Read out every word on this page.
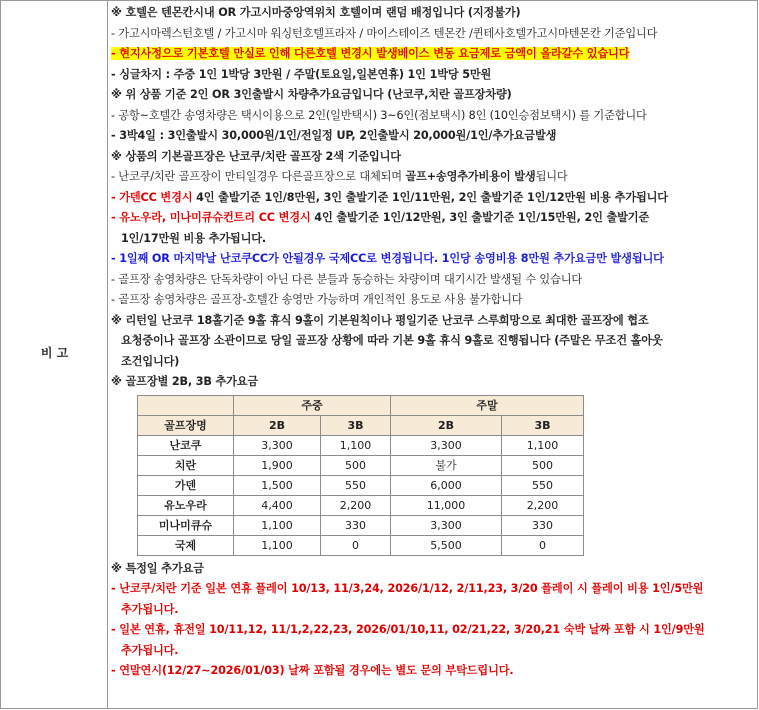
비 고
※ 호텔은 텐몬칸시내 OR 가고시마중앙역위치 호텔이며 랜덤 배정입니다 (지정불가)
- 가고시마렉스턴호텔 / 가고시마 워싱턴호텔프라자 / 마이스테이즈 텐몬칸 /퀸테사호텔가고시마텐몬칸 기준입니다
- 현지사정으로 기본호텔 만실로 인해 다른호텔 변경시 발생베이스 변동 요금제로 금액이 올라갈수 있습니다
- 싱글차지 : 주중 1인 1박당 3만원 / 주말(토요일,일본연휴) 1인 1박당 5만원
※ 위 상품 기준 2인 OR 3인출발시 차량추가요금입니다 (난코쿠,치란 골프장차량)
- 공항~호텔간 송영차량은 택시이용으로 2인(일반택시) 3~6인(점보택시) 8인 (10인승점보택시) 를 기준합니다
- 3박4일 : 3인출발시 30,000원/1인/전일정 UP, 2인출발시 20,000원/1인/추가요금발생
※ 상품의 기본골프장은 난코쿠/치란 골프장 2색 기준입니다
- 난코쿠/치란 골프장이 만티일경우 다른골프장으로 대체되며 골프+송영추가비용이 발생됩니다
- 가덴CC 변경시 4인 출발기준 1인/8만원, 3인 출발기준 1인/11만원, 2인 출발기준 1인/12만원 비용 추가됩니다
- 유노우라, 미나미큐슈컨트리 CC 변경시 4인 출발기준 1인/12만원, 3인 출발기준 1인/15만원, 2인 출발기준
1인/17만원 비용 추가됩니다.
- 1일째 OR 마지막날 난코쿠CC가 안될경우 국제CC로 변경됩니다. 1인당 송영비용 8만원 추가요금만 발생됩니다
- 골프장 송영차량은 단독차량이 아닌 다른 분들과 동승하는 차량이며 대기시간 발생될 수 있습니다
- 골프장 송영차량은 골프장-호텔간 송영만 가능하며 개인적인 용도로 사용 불가합니다
※ 리턴일 난코쿠 18홀기준 9홀 휴식 9홀이 기본원칙이나 평일기준 난코쿠 스루희망으로 최대한 골프장에 협조
요청중이나 골프장 소관이므로 당일 골프장 상황에 따라 기본 9홀 휴식 9홀로 진행됩니다 (주말은 무조건 홀아웃
조건입니다)
※ 골프장별 2B, 3B 추가요금
	주중		주말	
골프장명	2B	3B	2B	3B
난코쿠	3,300	1,100	3,300	1,100
치란	1,900	500	불가	500
가덴	1,500	550	6,000	550
유노우라	4,400	2,200	11,000	2,200
미나미큐슈	1,100	330	3,300	330
국제	1,100	0	5,500	0
※ 특정일 추가요금
- 난코쿠/치란 기준 일본 연휴 플레이 10/13, 11/3,24, 2026/1/12, 2/11,23, 3/20 플레이 시 플레이 비용 1인/5만원
추가됩니다.
- 일본 연휴, 휴전일 10/11,12, 11/1,2,22,23, 2026/01/10,11, 02/21,22, 3/20,21 숙박 날짜 포함 시 1인/9만원
추가됩니다.
- 연말연시(12/27~2026/01/03) 날짜 포함될 경우에는 별도 문의 부탁드립니다.
